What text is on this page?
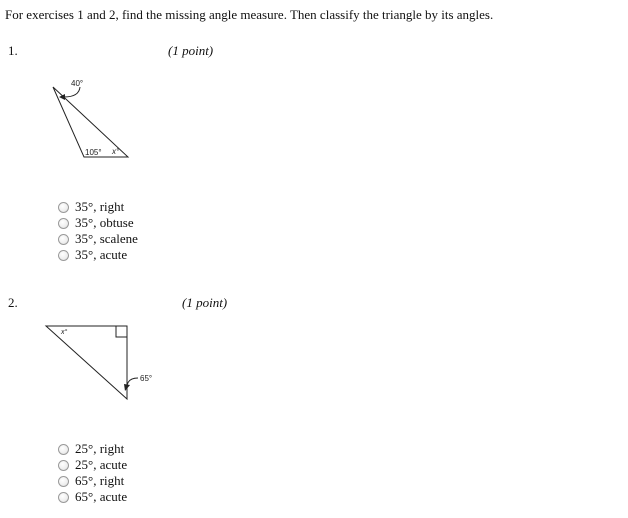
For exercises 1 and 2, find the missing angle measure. Then classify the triangle by its angles.
1.	(1 point)
40°
105° x°
35°, right
35°, obtuse
35°, scalene
35°, acute
2.	(1 point)
x°
65°
25°, right
25°, acute
65°, right
65°, acute
